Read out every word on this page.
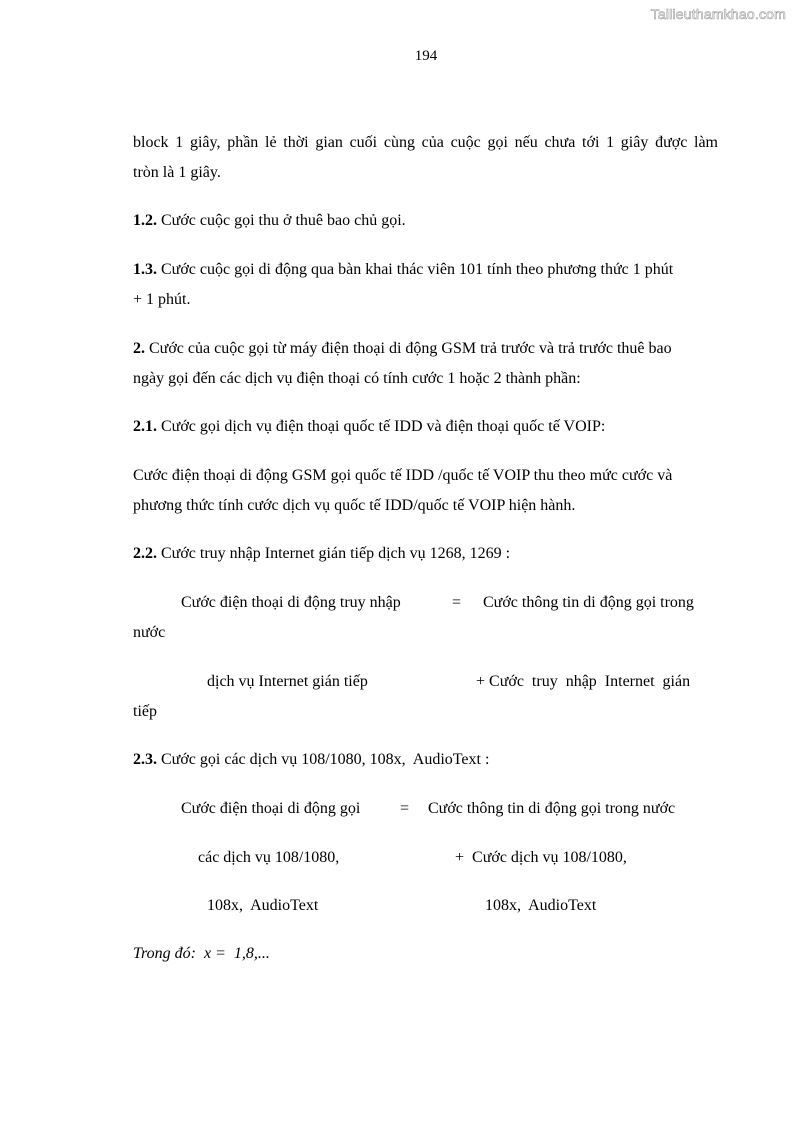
Tailieuthamkhao.com
194
block 1 giây, phần lẻ thời gian cuối cùng của cuộc gọi nếu chưa tới 1 giây được làm
tròn là 1 giây.
1.2. Cước cuộc gọi thu ở thuê bao chủ gọi.
1.3. Cước cuộc gọi di động qua bàn khai thác viên 101 tính theo phương thức 1 phút
+ 1 phút.
2. Cước của cuộc gọi từ máy điện thoại di động GSM trả trước và trả trước thuê bao
ngày gọi đến các dịch vụ điện thoại có tính cước 1 hoặc 2 thành phần:
2.1. Cước gọi dịch vụ điện thoại quốc tế IDD và điện thoại quốc tế VOIP:
Cước điện thoại di động GSM gọi quốc tế IDD /quốc tế VOIP thu theo mức cước và
phương thức tính cước dịch vụ quốc tế IDD/quốc tế VOIP hiện hành.
2.2. Cước truy nhập Internet gián tiếp dịch vụ 1268, 1269 :
Cước điện thoại di động truy nhập	= Cước thông tin di động gọi trong
nước
dịch vụ Internet gián tiếp	+ Cước  truy  nhập  Internet  gián
tiếp
2.3. Cước gọi các dịch vụ 108/1080, 108x,  AudioText :
Cước điện thoại di động gọi = Cước thông tin di động gọi trong nước
các dịch vụ 108/1080,	+  Cước dịch vụ 108/1080,
108x,  AudioText	108x,  AudioText
Trong đó:  x =  1,8,...
